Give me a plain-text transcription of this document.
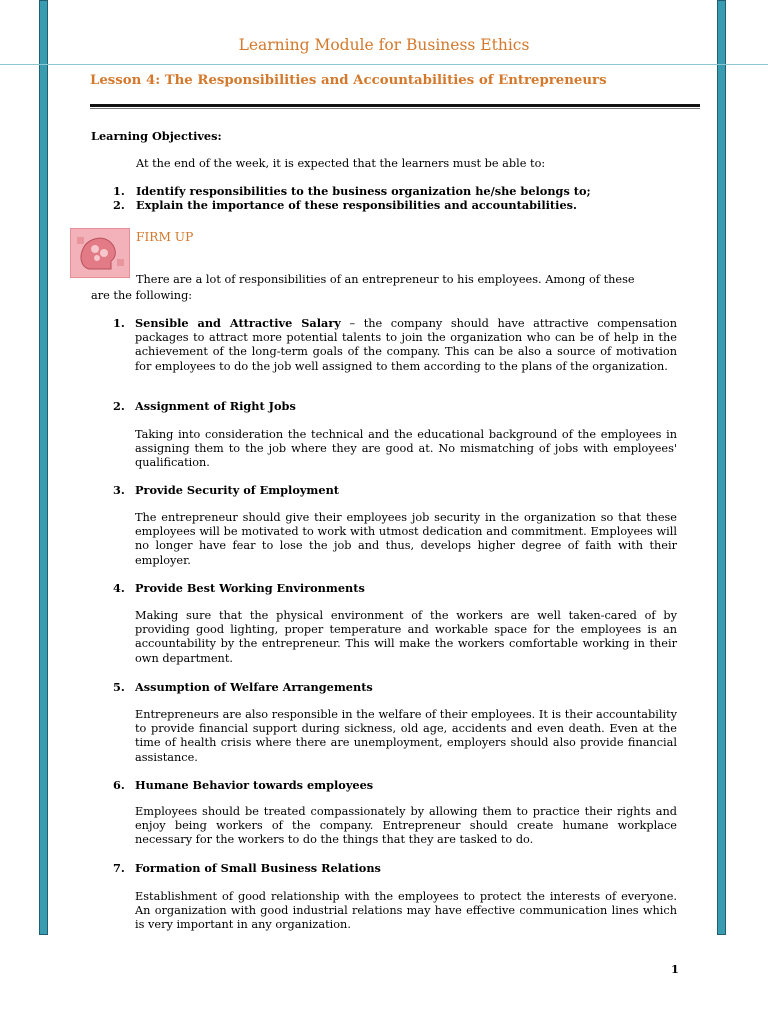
Learning Module for Business Ethics
Lesson 4: The Responsibilities and Accountabilities of Entrepreneurs
Learning Objectives:
At the end of the week, it is expected that the learners must be able to:
1. Identify responsibilities to the business organization he/she belongs to;
2. Explain the importance of these responsibilities and accountabilities.
FIRM UP
There are a lot of responsibilities of an entrepreneur to his employees. Among of these
are the following:
1. Sensible and Attractive Salary – the company should have attractive compensation packages to attract more potential talents to join the organization who can be of help in the achievement of the long-term goals of the company. This can be also a source of motivation for employees to do the job well assigned to them according to the plans of the organization.
2. Assignment of Right Jobs
Taking into consideration the technical and the educational background of the employees in assigning them to the job where they are good at. No mismatching of jobs with employees' qualification.
3. Provide Security of Employment
The entrepreneur should give their employees job security in the organization so that these employees will be motivated to work with utmost dedication and commitment. Employees will no longer have fear to lose the job and thus, develops higher degree of faith with their employer.
4. Provide Best Working Environments
Making sure that the physical environment of the workers are well taken-cared of by providing good lighting, proper temperature and workable space for the employees is an accountability by the entrepreneur. This will make the workers comfortable working in their own department.
5. Assumption of Welfare Arrangements
Entrepreneurs are also responsible in the welfare of their employees. It is their accountability to provide financial support during sickness, old age, accidents and even death. Even at the time of health crisis where there are unemployment, employers should also provide financial assistance.
6. Humane Behavior towards employees
Employees should be treated compassionately by allowing them to practice their rights and enjoy being workers of the company. Entrepreneur should create humane workplace necessary for the workers to do the things that they are tasked to do.
7. Formation of Small Business Relations
Establishment of good relationship with the employees to protect the interests of everyone. An organization with good industrial relations may have effective communication lines which is very important in any organization.
1
